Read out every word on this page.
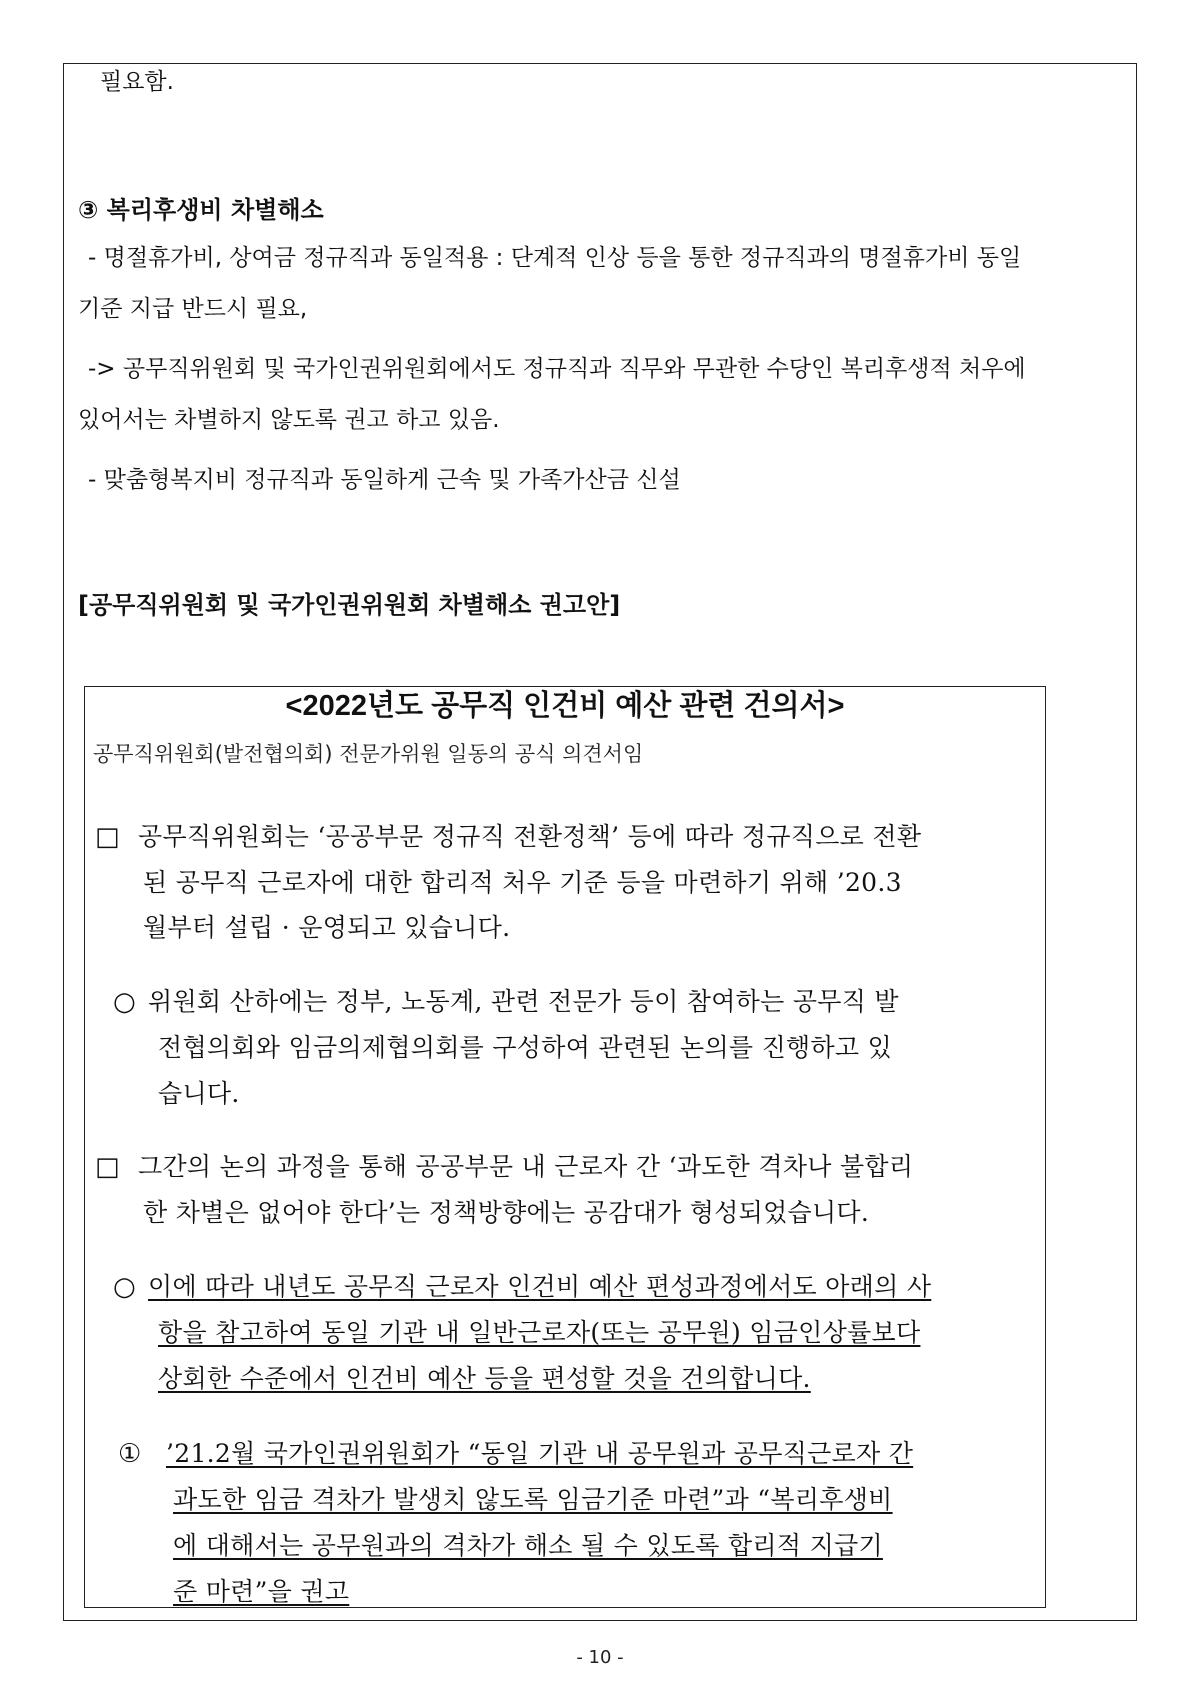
필요함.
③ 복리후생비 차별해소
- 명절휴가비, 상여금 정규직과 동일적용 : 단계적 인상 등을 통한 정규직과의 명절휴가비 동일
기준 지급 반드시 필요,
-> 공무직위원회 및 국가인권위원회에서도 정규직과 직무와 무관한 수당인 복리후생적 처우에
있어서는 차별하지 않도록 권고 하고 있음.
- 맞춤형복지비 정규직과 동일하게 근속 및 가족가산금 신설
[공무직위원회 및 국가인권위원회 차별해소 권고안]
<2022년도 공무직 인건비 예산 관련 건의서>
공무직위원회(발전협의회) 전문가위원 일동의 공식 의견서임
□ 공무직위원회는 ‘공공부문 정규직 전환정책’ 등에 따라 정규직으로 전환
된 공무직 근로자에 대한 합리적 처우 기준 등을 마련하기 위해 ’20.3
월부터 설립 · 운영되고 있습니다.
○ 위원회 산하에는 정부, 노동계, 관련 전문가 등이 참여하는 공무직 발
전협의회와 임금의제협의회를 구성하여 관련된 논의를 진행하고 있
습니다.
□ 그간의 논의 과정을 통해 공공부문 내 근로자 간 ‘과도한 격차나 불합리
한 차별은 없어야 한다’는 정책방향에는 공감대가 형성되었습니다.
○ 이에 따라 내년도 공무직 근로자 인건비 예산 편성과정에서도 아래의 사
항을 참고하여 동일 기관 내 일반근로자(또는 공무원) 임금인상률보다
상회한 수준에서 인건비 예산 등을 편성할 것을 건의합니다.
① ’21.2월 국가인권위원회가 “동일 기관 내 공무원과 공무직근로자 간
과도한 임금 격차가 발생치 않도록 임금기준 마련”과 “복리후생비
에 대해서는 공무원과의 격차가 해소 될 수 있도록 합리적 지급기
준 마련”을 권고
- 10 -
